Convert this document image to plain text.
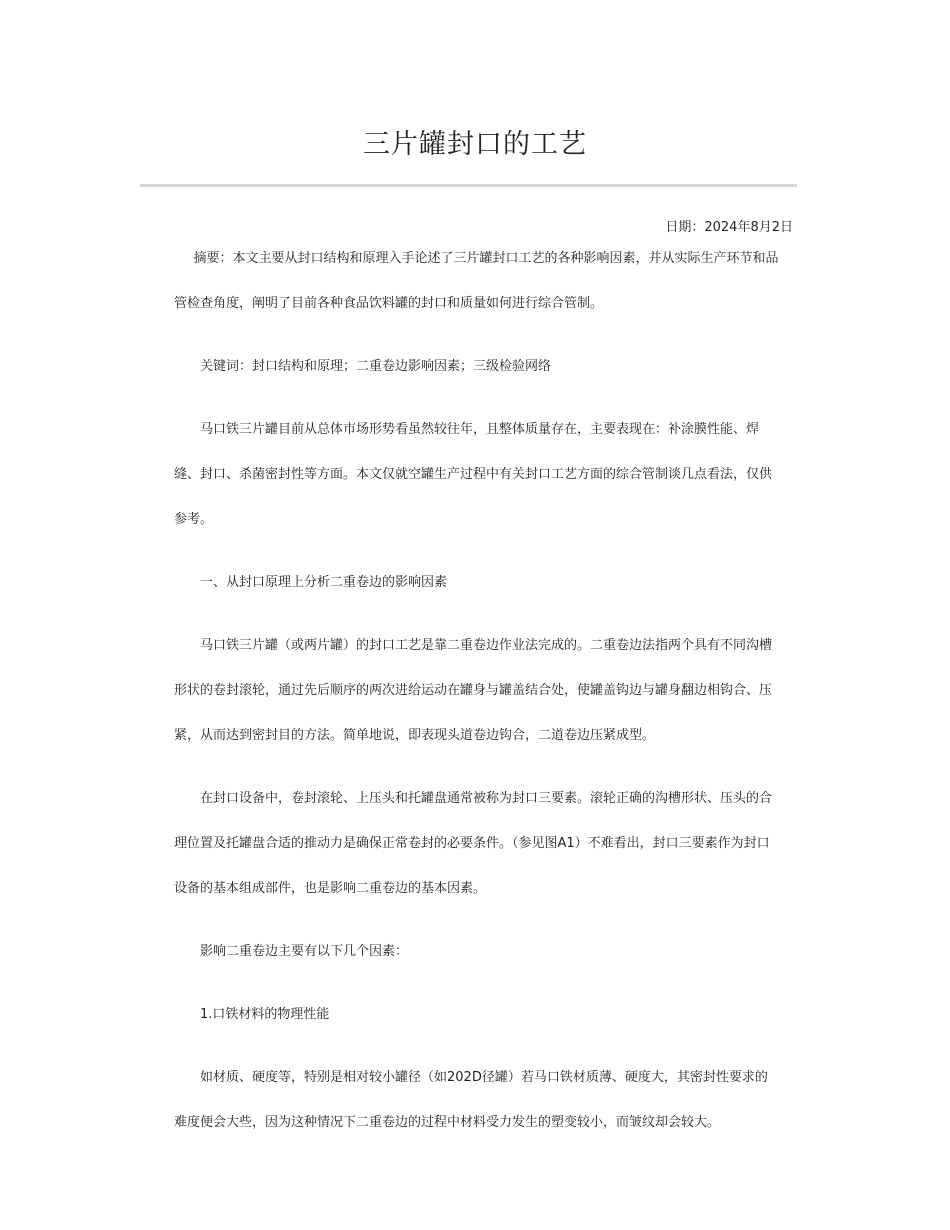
三片罐封口的工艺
日期：2024年8月2日

摘要：本文主要从封口结构和原理入手论述了三片罐封口工艺的各种影响因素，并从实际生产环节和品管检查角度，阐明了目前各种食品饮料罐的封口和质量如何进行综合管制。

关键词：封口结构和原理；二重卷边影响因素；三级检验网络

马口铁三片罐目前从总体市场形势看虽然较往年，且整体质量存在，主要表现在：补涂膜性能、焊缝、封口、杀菌密封性等方面。本文仅就空罐生产过程中有关封口工艺方面的综合管制谈几点看法，仅供参考。

一、从封口原理上分析二重卷边的影响因素

马口铁三片罐（或两片罐）的封口工艺是靠二重卷边作业法完成的。二重卷边法指两个具有不同沟槽形状的卷封滚轮，通过先后顺序的两次进给运动在罐身与罐盖结合处，使罐盖钩边与罐身翻边相钩合、压紧，从而达到密封目的方法。简单地说，即表现头道卷边钩合，二道卷边压紧成型。

在封口设备中，卷封滚轮、上压头和托罐盘通常被称为封口三要素。滚轮正确的沟槽形状、压头的合理位置及托罐盘合适的推动力是确保正常卷封的必要条件。（参见图A1）不难看出，封口三要素作为封口设备的基本组成部件，也是影响二重卷边的基本因素。

影响二重卷边主要有以下几个因素：

1.口铁材料的物理性能

如材质、硬度等，特别是相对较小罐径（如202D径罐）若马口铁材质薄、硬度大，其密封性要求的难度便会大些，因为这种情况下二重卷边的过程中材料受力发生的塑变较小，而皱纹却会较大。
